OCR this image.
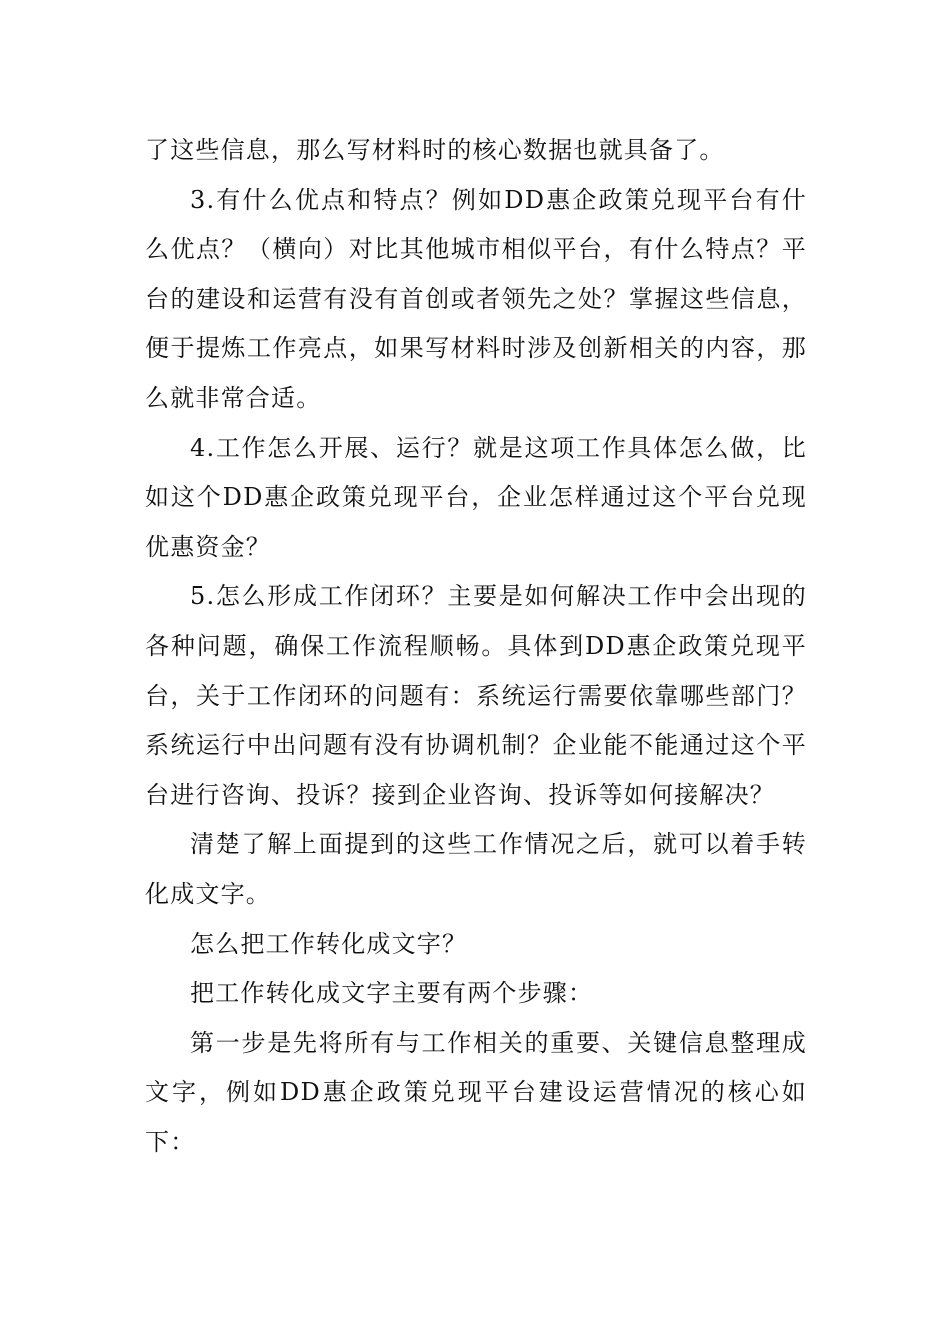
了这些信息，那么写材料时的核心数据也就具备了。

3.有什么优点和特点？例如DD惠企政策兑现平台有什么优点？（横向）对比其他城市相似平台，有什么特点？平台的建设和运营有没有首创或者领先之处？掌握这些信息，便于提炼工作亮点，如果写材料时涉及创新相关的内容，那么就非常合适。

4.工作怎么开展、运行？就是这项工作具体怎么做，比如这个DD惠企政策兑现平台，企业怎样通过这个平台兑现优惠资金？

5.怎么形成工作闭环？主要是如何解决工作中会出现的各种问题，确保工作流程顺畅。具体到DD惠企政策兑现平台，关于工作闭环的问题有：系统运行需要依靠哪些部门？系统运行中出问题有没有协调机制？企业能不能通过这个平台进行咨询、投诉？接到企业咨询、投诉等如何接解决？

清楚了解上面提到的这些工作情况之后，就可以着手转化成文字。

怎么把工作转化成文字？

把工作转化成文字主要有两个步骤：

第一步是先将所有与工作相关的重要、关键信息整理成文字，例如DD惠企政策兑现平台建设运营情况的核心如下：
